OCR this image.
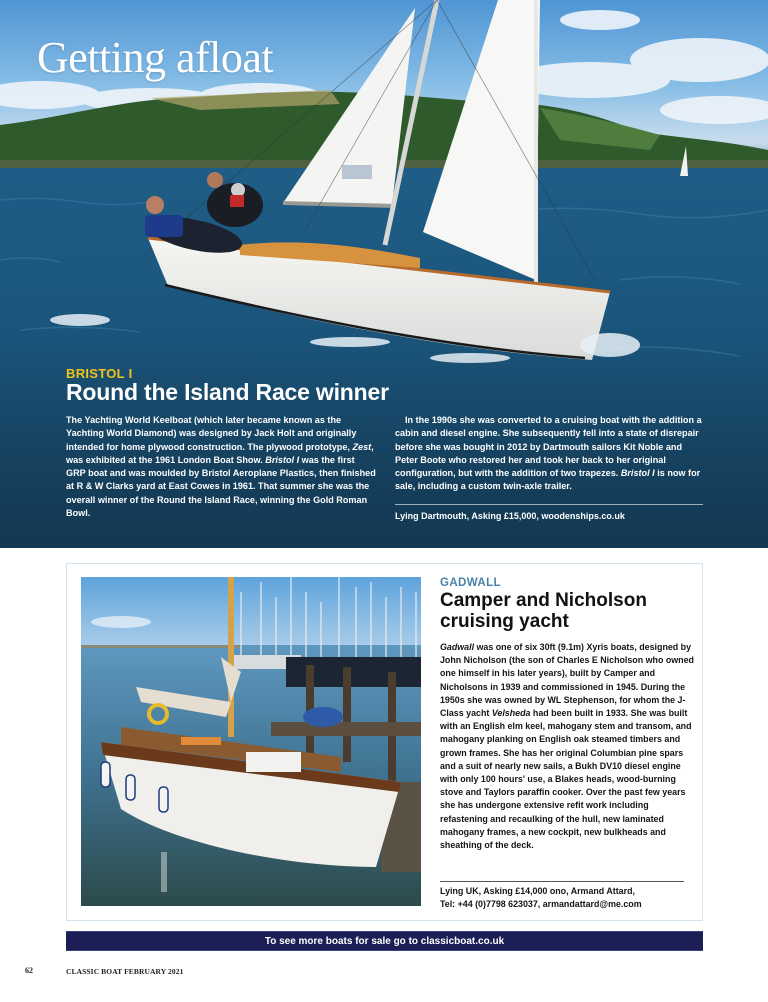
Getting afloat
BRISTOL I
Round the Island Race winner

The Yachting World Keelboat (which later became known as the Yachting World Diamond) was designed by Jack Holt and originally intended for home plywood construction. The plywood prototype, Zest, was exhibited at the 1961 London Boat Show. Bristol I was the first GRP boat and was moulded by Bristol Aeroplane Plastics, then finished at R & W Clarks yard at East Cowes in 1961. That summer she was the overall winner of the Round the Island Race, winning the Gold Roman Bowl.

In the 1990s she was converted to a cruising boat with the addition a cabin and diesel engine. She subsequently fell into a state of disrepair before she was bought in 2012 by Dartmouth sailors Kit Noble and Peter Boote who restored her and took her back to her original configuration, but with the addition of two trapezes. Bristol I is now for sale, including a custom twin-axle trailer.

Lying Dartmouth, Asking £15,000, woodenships.co.uk
GADWALL
Camper and Nicholson cruising yacht
Gadwall was one of six 30ft (9.1m) Xyris boats, designed by John Nicholson (the son of Charles E Nicholson who owned one himself in his later years), built by Camper and Nicholsons in 1939 and commissioned in 1945. During the 1950s she was owned by WL Stephenson, for whom the J-Class yacht Velsheda had been built in 1933. She was built with an English elm keel, mahogany stem and transom, and mahogany planking on English oak steamed timbers and grown frames. She has her original Columbian pine spars and a suit of nearly new sails, a Bukh DV10 diesel engine with only 100 hours' use, a Blakes heads, wood-burning stove and Taylors paraffin cooker. Over the past few years she has undergone extensive refit work including refastening and recaulking of the hull, new laminated mahogany frames, a new cockpit, new bulkheads and sheathing of the deck.
Lying UK, Asking £14,000 ono, Armand Attard,
Tel: +44 (0)7798 623037, armandattard@me.com
To see more boats for sale go to classicboat.co.uk
62	CLASSIC BOAT FEBRUARY 2021
